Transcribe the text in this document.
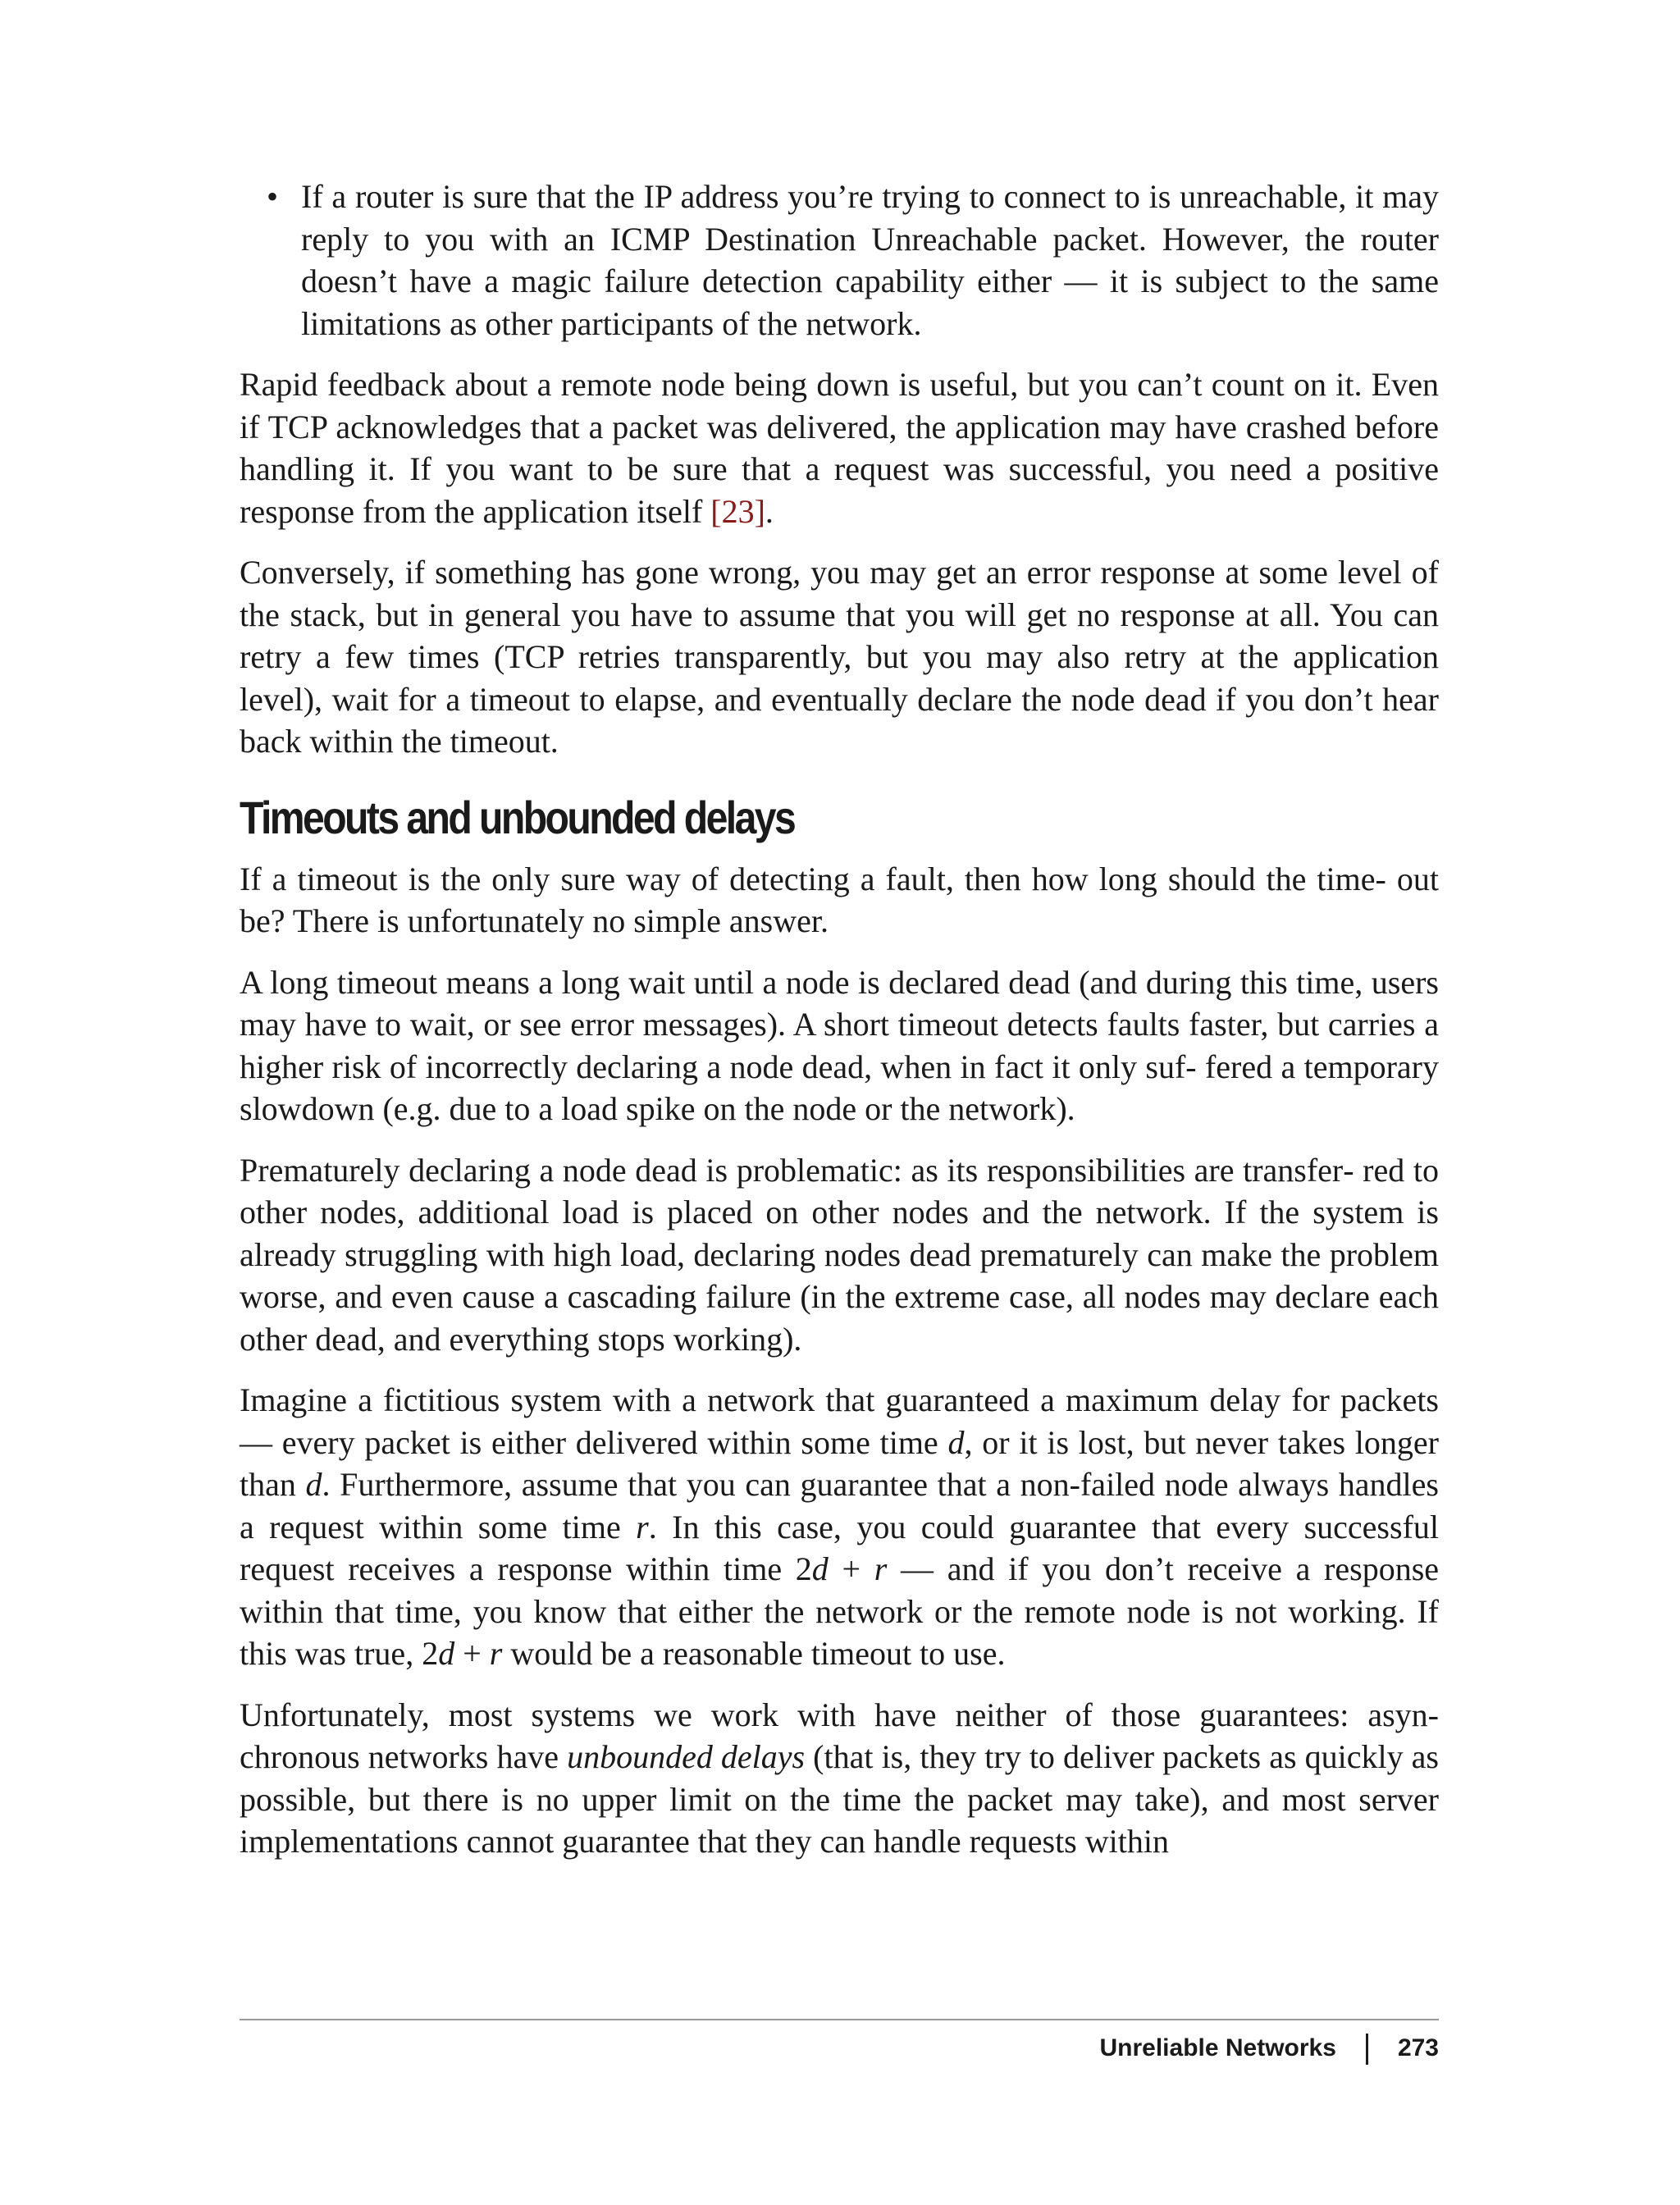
• If a router is sure that the IP address you’re trying to connect to is unreachable, it may reply to you with an ICMP Destination Unreachable packet. However, the router doesn’t have a magic failure detection capability either — it is subject to the same limitations as other participants of the network.

Rapid feedback about a remote node being down is useful, but you can’t count on it. Even if TCP acknowledges that a packet was delivered, the application may have crashed before handling it. If you want to be sure that a request was successful, you need a positive response from the application itself [23].

Conversely, if something has gone wrong, you may get an error response at some level of the stack, but in general you have to assume that you will get no response at all. You can retry a few times (TCP retries transparently, but you may also retry at the application level), wait for a timeout to elapse, and eventually declare the node dead if you don’t hear back within the timeout.

Timeouts and unbounded delays

If a timeout is the only sure way of detecting a fault, then how long should the time‐ out be? There is unfortunately no simple answer.

A long timeout means a long wait until a node is declared dead (and during this time, users may have to wait, or see error messages). A short timeout detects faults faster, but carries a higher risk of incorrectly declaring a node dead, when in fact it only suf‐ fered a temporary slowdown (e.g. due to a load spike on the node or the network).

Prematurely declaring a node dead is problematic: as its responsibilities are transfer‐ red to other nodes, additional load is placed on other nodes and the network. If the system is already struggling with high load, declaring nodes dead prematurely can make the problem worse, and even cause a cascading failure (in the extreme case, all nodes may declare each other dead, and everything stops working).

Imagine a fictitious system with a network that guaranteed a maximum delay for packets — every packet is either delivered within some time d, or it is lost, but never takes longer than d. Furthermore, assume that you can guarantee that a non-failed node always handles a request within some time r. In this case, you could guarantee that every successful request receives a response within time 2d + r — and if you don’t receive a response within that time, you know that either the network or the remote node is not working. If this was true, 2d + r would be a reasonable timeout to use.

Unfortunately, most systems we work with have neither of those guarantees: asyn‐ chronous networks have unbounded delays (that is, they try to deliver packets as quickly as possible, but there is no upper limit on the time the packet may take), and most server implementations cannot guarantee that they can handle requests within

Unreliable Networks	273
